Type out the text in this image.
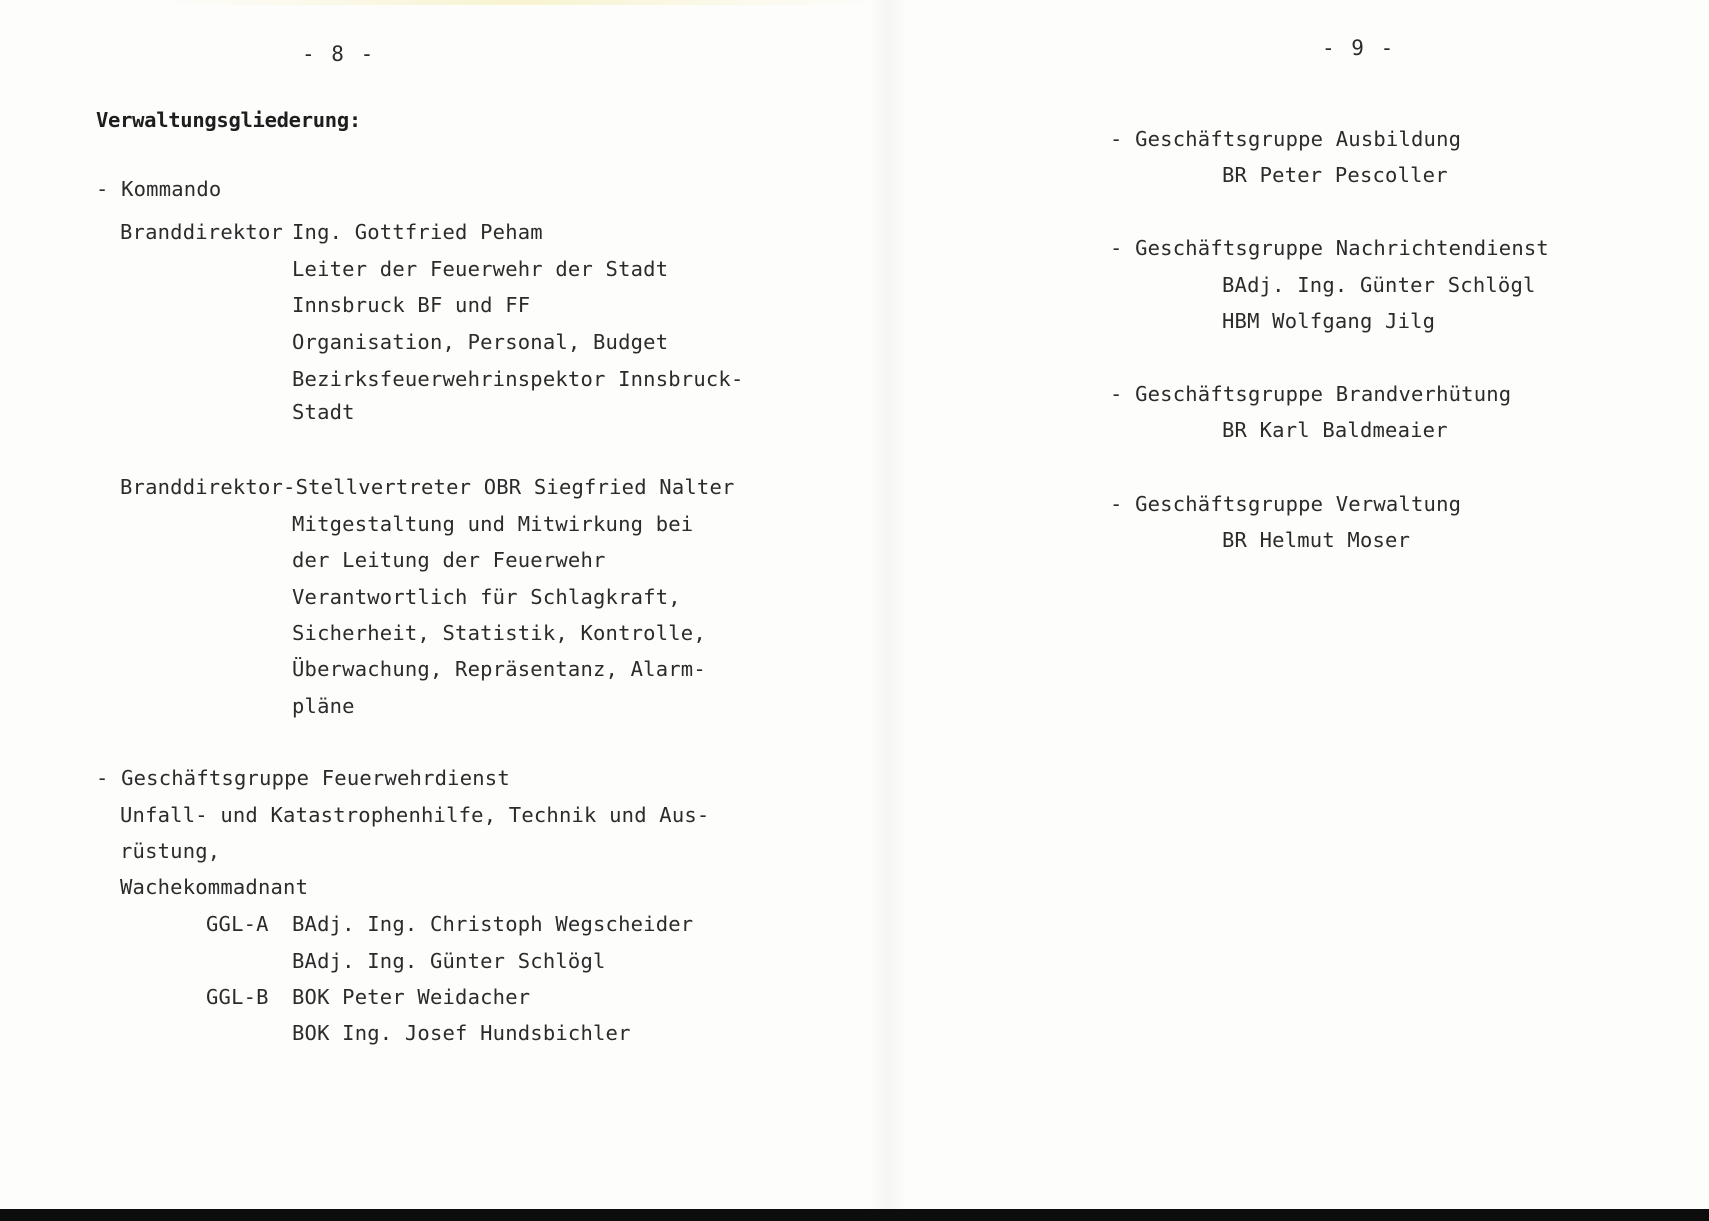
- 8 -
Verwaltungsgliederung:
- Kommando
Branddirektor Ing. Gottfried Peham
Leiter der Feuerwehr der Stadt
Innsbruck BF und FF
Organisation, Personal, Budget
Bezirksfeuerwehrinspektor Innsbruck-
Stadt
Branddirektor-Stellvertreter OBR Siegfried Nalter
Mitgestaltung und Mitwirkung bei
der Leitung der Feuerwehr
Verantwortlich für Schlagkraft,
Sicherheit, Statistik, Kontrolle,
Überwachung, Repräsentanz, Alarm-
pläne
- Geschäftsgruppe Feuerwehrdienst
Unfall- und Katastrophenhilfe, Technik und Aus-
rüstung,
Wachekommadnant
GGL-A BAdj. Ing. Christoph Wegscheider
BAdj. Ing. Günter Schlögl
GGL-B BOK Peter Weidacher
BOK Ing. Josef Hundsbichler
- 9 -
- Geschäftsgruppe Ausbildung
BR Peter Pescoller
- Geschäftsgruppe Nachrichtendienst
BAdj. Ing. Günter Schlögl
HBM Wolfgang Jilg
- Geschäftsgruppe Brandverhütung
BR Karl Baldmeaier
- Geschäftsgruppe Verwaltung
BR Helmut Moser
